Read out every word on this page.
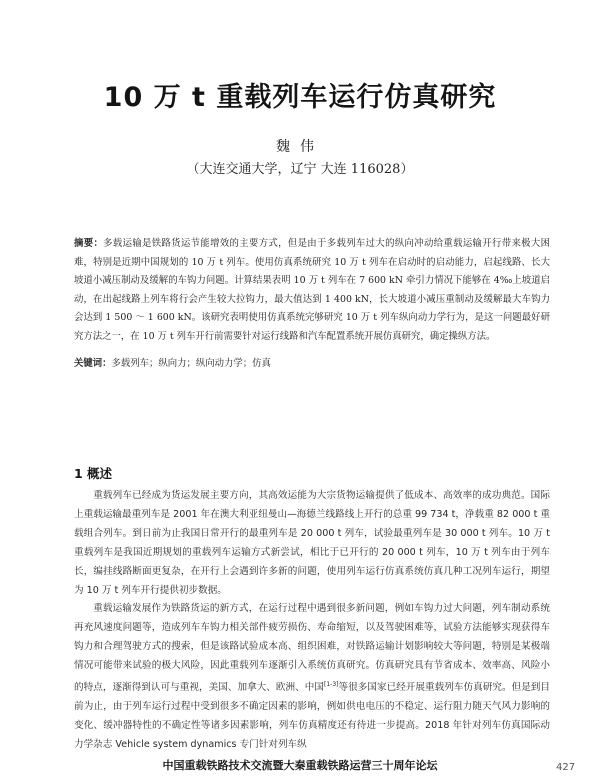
10 万 t 重载列车运行仿真研究
魏伟
（大连交通大学，辽宁 大连 116028）
摘要：多载运输是铁路货运节能增效的主要方式，但是由于多载列车过大的纵向冲动给重载运输开行带来极大困难，特别是近期中国规划的 10 万 t 列车。使用仿真系统研究 10 万 t 列车在启动时的启动能力，启起线路、长大坡道小减压制动及缓解的车钩力问题。计算结果表明 10 万 t 列车在 7 600 kN 牵引力情况下能够在 4‰上坡道启动，在出起线路上列车将行会产生较大拉钩力，最大值达到 1 400 kN，长大坡道小减压重制动及缓解最大车钩力会达到 1 500 ～ 1 600 kN。该研究表明使用仿真系统完够研究 10 万 t 列车纵向动力学行为，是这一问题最好研究方法之一，在 10 万 t 列车开行前需要针对运行线路和汽车配置系统开展仿真研究，确定操纵方法。
关键词：多载列车；纵向力；纵向动力学；仿真
1 概述

重载列车已经成为货运发展主要方向，其高效运能为大宗货物运输提供了低成本、高效率的成功典范。国际上重载运输最重列车是 2001 年在澳大利亚纽曼山—海德兰线路线上开行的总重 99 734 t，净载重 82 000 t 重载组合列车。到日前为止我国日常开行的最重列车是 20 000 t 列车，试验最重列车是 30 000 t 列车。10 万 t 重载列车是我国近期规划的重载列车运输方式新尝试，相比于已开行的 20 000 t 列车，10 万 t 列车由于列车长，编挂线路断面更复杂，在开行上会遇到许多新的问题，使用列车运行仿真系统仿真几种工况列车运行，期望为 10 万 t 列车开行提供初步数据。

重载运输发展作为铁路货运的新方式，在运行过程中遇到很多新问题，例如车钩力过大问题，列车制动系统再充风速度问题等，造成列车车钩力相关部件疲劳损伤、寿命缩短，以及驾驶困难等，试验方法能够实现获得车钩力和合理驾驶方式的搜索，但是该路试验成本高、组织困难，对铁路运输计划影响较大等问题，特别是某极端情况可能带来试验的极大风险，因此重载列车逐渐引入系统仿真研究。仿真研究具有节省成本、效率高、风险小的特点，逐渐得到认可与重视，美国、加拿大、欧洲、中国[1-3]等很多国家已经开展重载列车仿真研究。但是到目前为止，由于列车运行过程中受到很多不确定因素的影响，例如供电电压的不稳定、运行阻力随天气风力影响的变化、缓冲器特性的不确定性等诸多因素影响，列车仿真精度还有待进一步提高。2018 年针对列车仿真国际动力学杂志 Vehicle system dynamics 专门针对列车纵

中国重载铁路技术交流暨大秦重载铁路运营三十周年论坛	427
